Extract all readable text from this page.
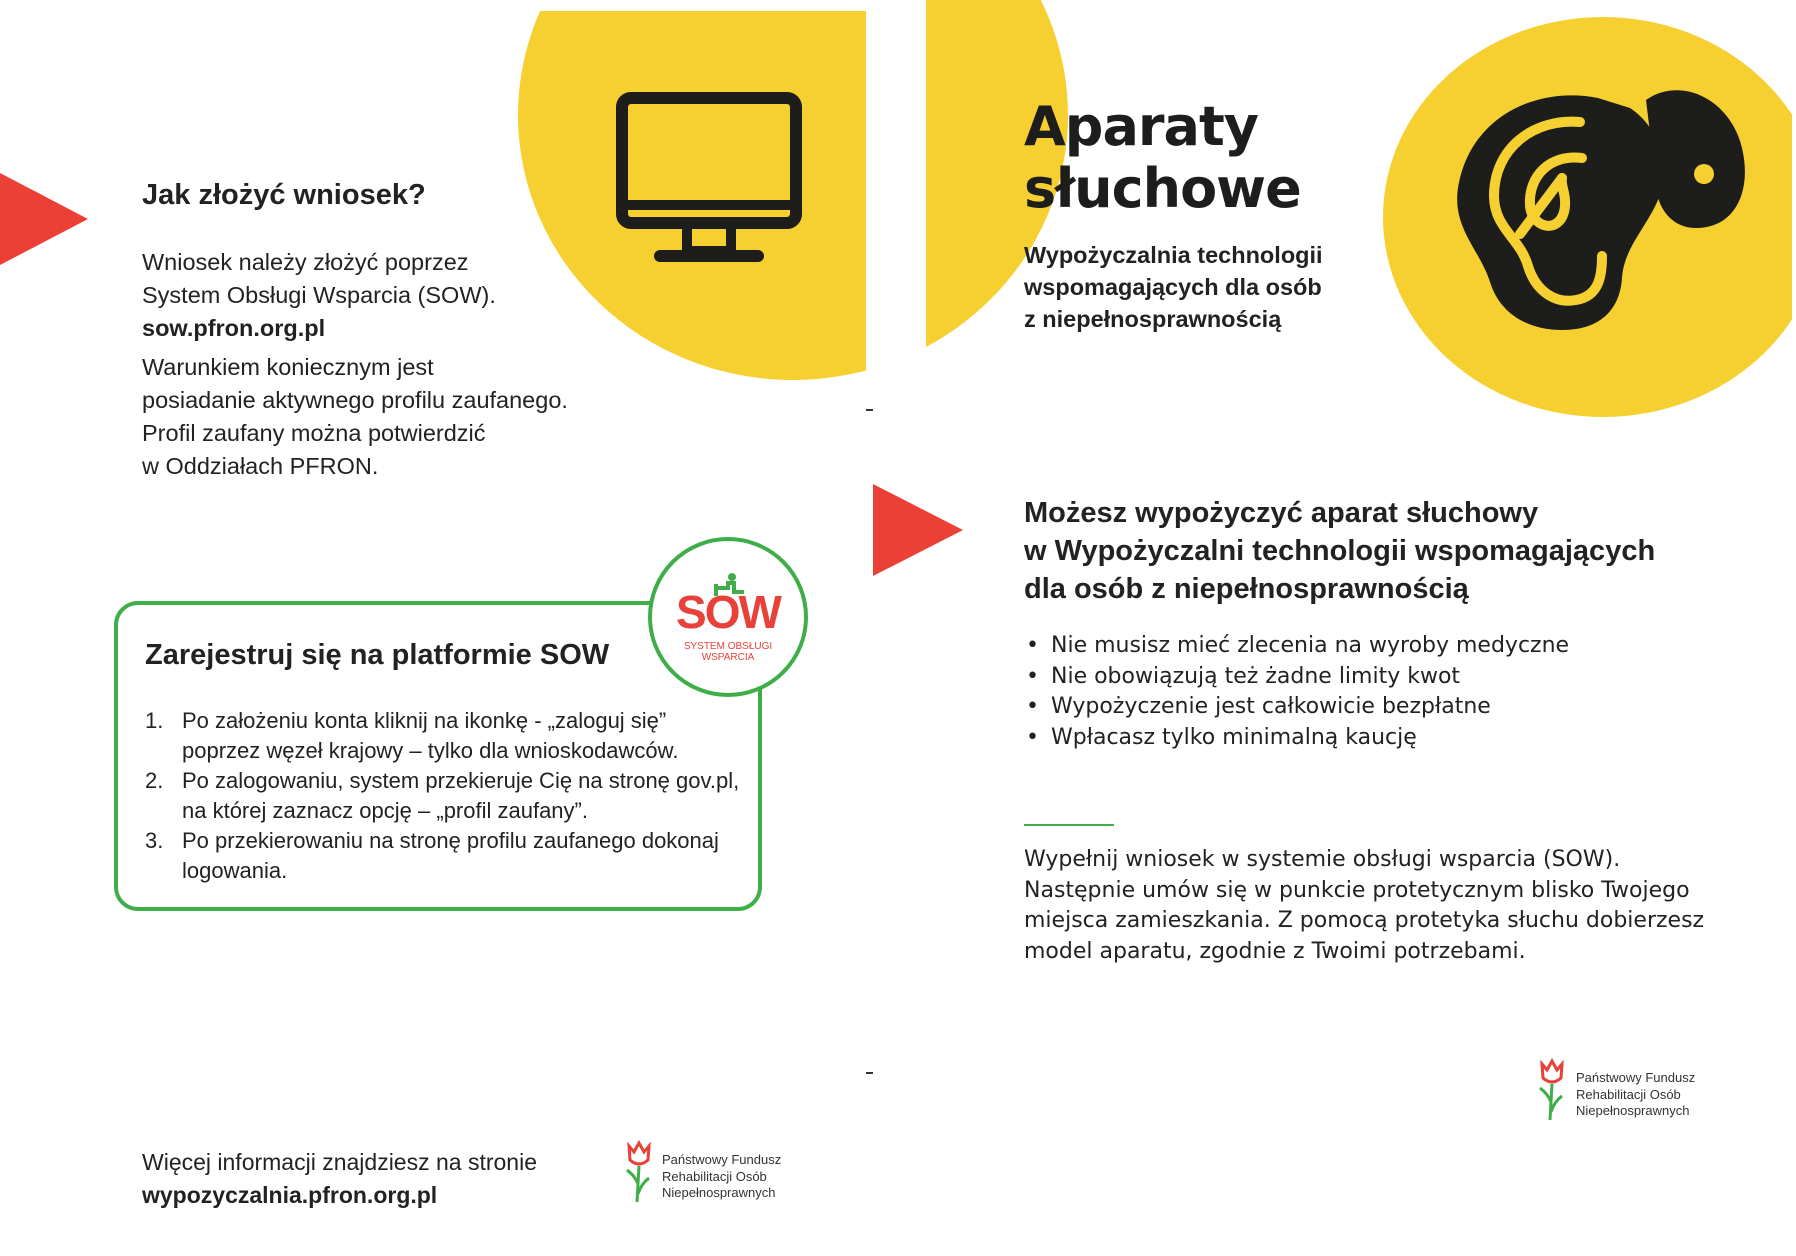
Jak złożyć wniosek?
Wniosek należy złożyć poprzez
System Obsługi Wsparcia (SOW).
sow.pfron.org.pl
Warunkiem koniecznym jest
posiadanie aktywnego profilu zaufanego.
Profil zaufany można potwierdzić
w Oddziałach PFRON.
Zarejestruj się na platformie SOW
1. Po założeniu konta kliknij na ikonkę - „zaloguj się”
poprzez węzeł krajowy – tylko dla wnioskodawców.
2. Po zalogowaniu, system przekieruje Cię na stronę gov.pl,
na której zaznacz opcję – „profil zaufany”.
3. Po przekierowaniu na stronę profilu zaufanego dokonaj
logowania.
SOW
SYSTEM OBSŁUGI
WSPARCIA
Więcej informacji znajdziesz na stronie
wypozyczalnia.pfron.org.pl
Państwowy Fundusz
Rehabilitacji Osób
Niepełnosprawnych
Aparaty
słuchowe
Wypożyczalnia technologii
wspomagających dla osób
z niepełnosprawnością
Możesz wypożyczyć aparat słuchowy
w Wypożyczalni technologii wspomagających
dla osób z niepełnosprawnością
• Nie musisz mieć zlecenia na wyroby medyczne
• Nie obowiązują też żadne limity kwot
• Wypożyczenie jest całkowicie bezpłatne
• Wpłacasz tylko minimalną kaucję
Wypełnij wniosek w systemie obsługi wsparcia (SOW).
Następnie umów się w punkcie protetycznym blisko Twojego
miejsca zamieszkania. Z pomocą protetyka słuchu dobierzesz
model aparatu, zgodnie z Twoimi potrzebami.
Państwowy Fundusz
Rehabilitacji Osób
Niepełnosprawnych
